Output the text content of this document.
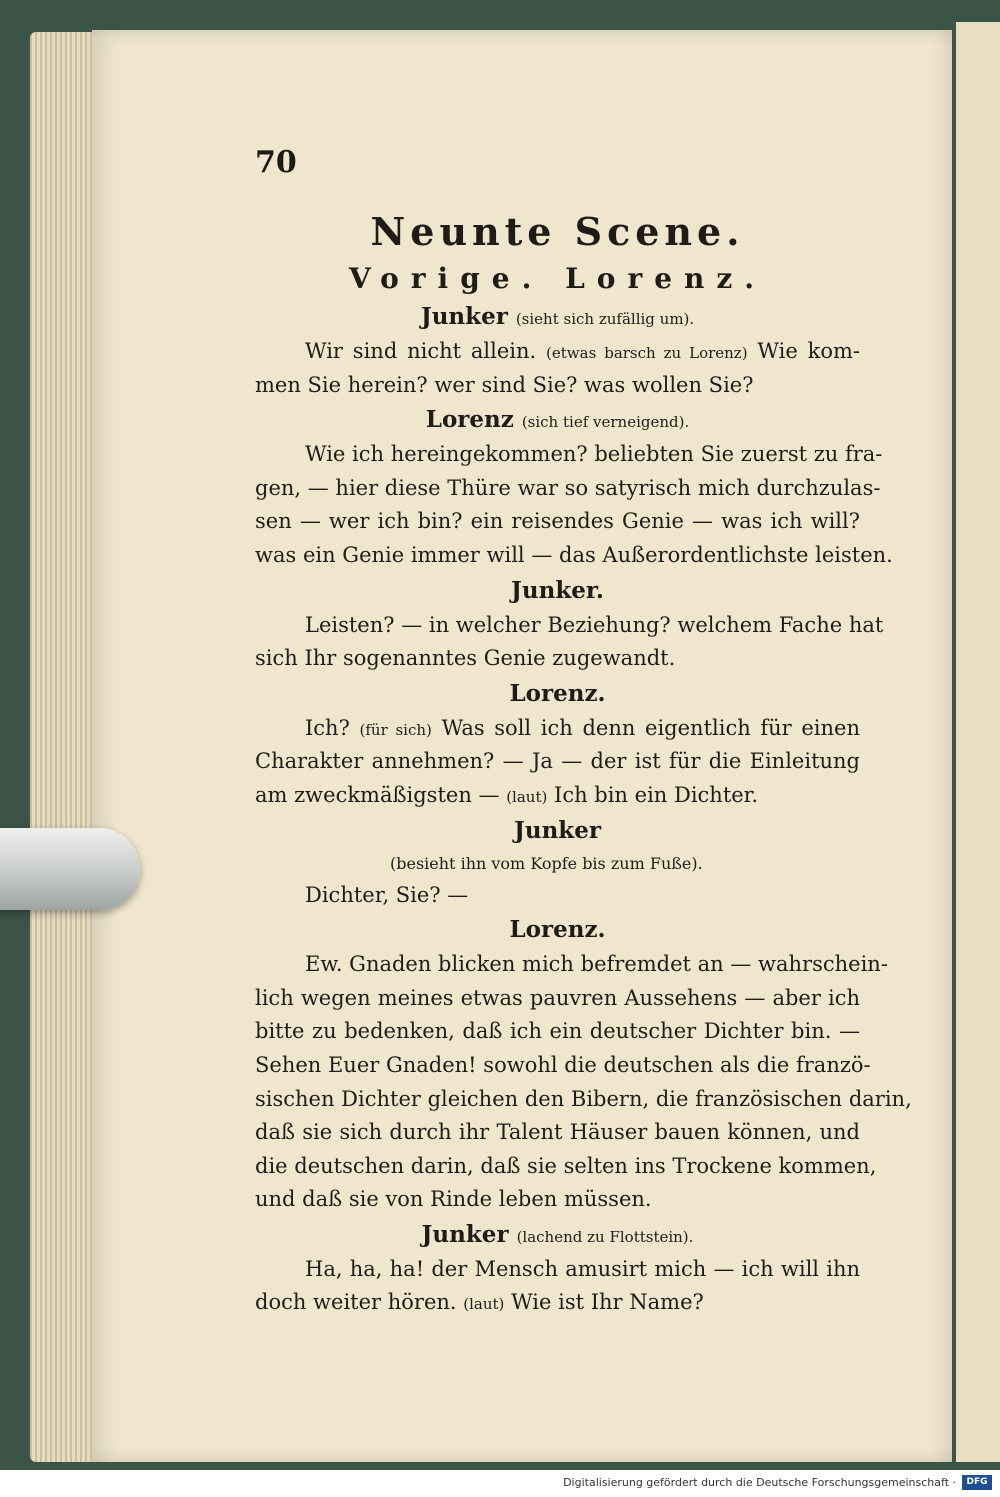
70
Neunte Scene.
Vorige. Lorenz.
Junker (sieht sich zufällig um).
Wir sind nicht allein. (etwas barsch zu Lorenz) Wie kom-
men Sie herein? wer sind Sie? was wollen Sie?
Lorenz (sich tief verneigend).
Wie ich hereingekommen? beliebten Sie zuerst zu fra-
gen, — hier diese Thüre war so satyrisch mich durchzulas-
sen — wer ich bin? ein reisendes Genie — was ich will?
was ein Genie immer will — das Außerordentlichste leisten.
Junker.
Leisten? — in welcher Beziehung? welchem Fache hat
sich Ihr sogenanntes Genie zugewandt.
Lorenz.
Ich? (für sich) Was soll ich denn eigentlich für einen
Charakter annehmen? — Ja — der ist für die Einleitung
am zweckmäßigsten — (laut) Ich bin ein Dichter.
Junker
(besieht ihn vom Kopfe bis zum Fuße).
Dichter, Sie? —
Lorenz.
Ew. Gnaden blicken mich befremdet an — wahrschein-
lich wegen meines etwas pauvren Aussehens — aber ich
bitte zu bedenken, daß ich ein deutscher Dichter bin. —
Sehen Euer Gnaden! sowohl die deutschen als die franzö-
sischen Dichter gleichen den Bibern, die französischen darin,
daß sie sich durch ihr Talent Häuser bauen können, und
die deutschen darin, daß sie selten ins Trockene kommen,
und daß sie von Rinde leben müssen.
Junker (lachend zu Flottstein).
Ha, ha, ha! der Mensch amusirt mich — ich will ihn
doch weiter hören. (laut) Wie ist Ihr Name?
Digitalisierung gefördert durch die Deutsche Forschungsgemeinschaft ·	DFG
